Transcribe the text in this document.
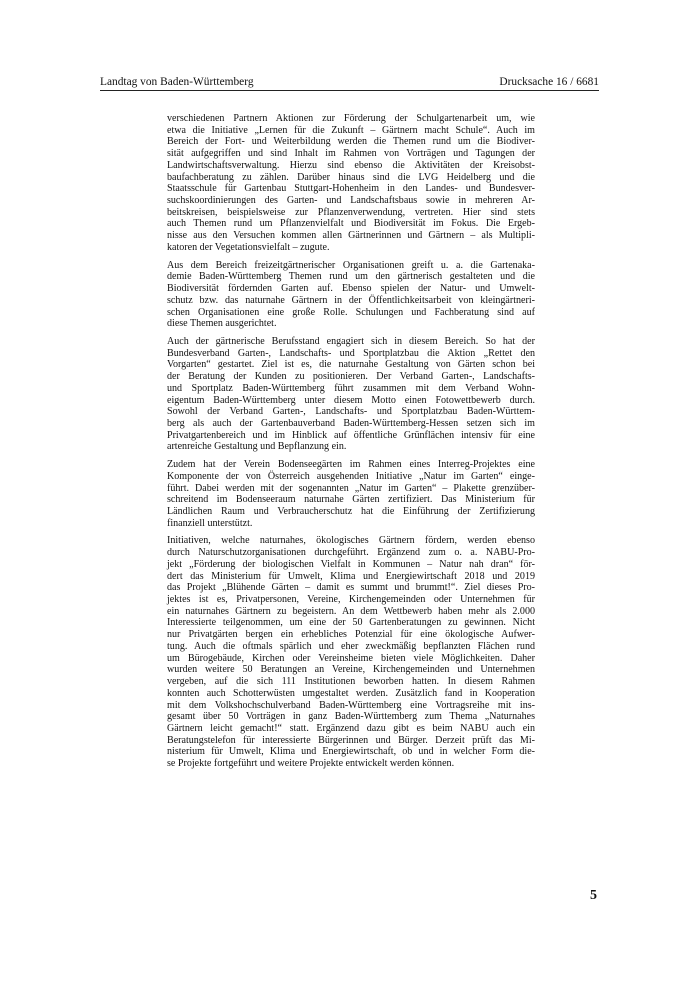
Landtag von Baden-Württemberg	Drucksache 16 / 6681
verschiedenen Partnern Aktionen zur Förderung der Schulgartenarbeit um, wie
etwa die Initiative „Lernen für die Zukunft – Gärtnern macht Schule“. Auch im
Bereich der Fort- und Weiterbildung werden die Themen rund um die Biodiver-
sität aufgegriffen und sind Inhalt im Rahmen von Vorträgen und Tagungen der
Landwirtschaftsverwaltung. Hierzu sind ebenso die Aktivitäten der Kreisobst-
baufachberatung zu zählen. Darüber hinaus sind die LVG Heidelberg und die
Staatsschule für Gartenbau Stuttgart-Hohenheim in den Landes- und Bundesver-
suchskoordinierungen des Garten- und Landschaftsbaus sowie in mehreren Ar-
beitskreisen, beispielsweise zur Pflanzenverwendung, vertreten. Hier sind stets
auch Themen rund um Pflanzenvielfalt und Biodiversität im Fokus. Die Ergeb-
nisse aus den Versuchen kommen allen Gärtnerinnen und Gärtnern – als Multipli-
katoren der Vegetationsvielfalt – zugute.
Aus dem Bereich freizeitgärtnerischer Organisationen greift u. a. die Gartenaka-
demie Baden-Württemberg Themen rund um den gärtnerisch gestalteten und die
Biodiversität fördernden Garten auf. Ebenso spielen der Natur- und Umwelt-
schutz bzw. das naturnahe Gärtnern in der Öffentlichkeitsarbeit von kleingärtneri-
schen Organisationen eine große Rolle. Schulungen und Fachberatung sind auf
diese Themen ausgerichtet.
Auch der gärtnerische Berufsstand engagiert sich in diesem Bereich. So hat der
Bundesverband Garten-, Landschafts- und Sportplatzbau die Aktion „Rettet den
Vorgarten“ gestartet. Ziel ist es, die naturnahe Gestaltung von Gärten schon bei
der Beratung der Kunden zu positionieren. Der Verband Garten-, Landschafts-
und Sportplatz Baden-Württemberg führt zusammen mit dem Verband Wohn-
eigentum Baden-Württemberg unter diesem Motto einen Fotowettbewerb durch.
Sowohl der Verband Garten-, Landschafts- und Sportplatzbau Baden-Württem-
berg als auch der Gartenbauverband Baden-Württemberg-Hessen setzen sich im
Privatgartenbereich und im Hinblick auf öffentliche Grünflächen intensiv für eine
artenreiche Gestaltung und Bepflanzung ein.
Zudem hat der Verein Bodenseegärten im Rahmen eines Interreg-Projektes eine
Komponente der von Österreich ausgehenden Initiative „Natur im Garten“ einge-
führt. Dabei werden mit der sogenannten „Natur im Garten“ – Plakette grenzüber-
schreitend im Bodenseeraum naturnahe Gärten zertifiziert. Das Ministerium für
Ländlichen Raum und Verbraucherschutz hat die Einführung der Zertifizierung
finanziell unterstützt.
Initiativen, welche naturnahes, ökologisches Gärtnern fördern, werden ebenso
durch Naturschutzorganisationen durchgeführt. Ergänzend zum o. a. NABU-Pro-
jekt „Förderung der biologischen Vielfalt in Kommunen – Natur nah dran“ för-
dert das Ministerium für Umwelt, Klima und Energiewirtschaft 2018 und 2019
das Projekt „Blühende Gärten – damit es summt und brummt!“. Ziel dieses Pro-
jektes ist es, Privatpersonen, Vereine, Kirchengemeinden oder Unternehmen für
ein naturnahes Gärtnern zu begeistern. An dem Wettbewerb haben mehr als 2.000
Interessierte teilgenommen, um eine der 50 Gartenberatungen zu gewinnen. Nicht
nur Privatgärten bergen ein erhebliches Potenzial für eine ökologische Aufwer-
tung. Auch die oftmals spärlich und eher zweckmäßig bepflanzten Flächen rund
um Bürogebäude, Kirchen oder Vereinsheime bieten viele Möglichkeiten. Daher
wurden weitere 50 Beratungen an Vereine, Kirchengemeinden und Unternehmen
vergeben, auf die sich 111 Institutionen beworben hatten. In diesem Rahmen
konnten auch Schotterwüsten umgestaltet werden. Zusätzlich fand in Kooperation
mit dem Volkshochschulverband Baden-Württemberg eine Vortragsreihe mit ins-
gesamt über 50 Vorträgen in ganz Baden-Württemberg zum Thema „Naturnahes
Gärtnern leicht gemacht!“ statt. Ergänzend dazu gibt es beim NABU auch ein
Beratungstelefon für interessierte Bürgerinnen und Bürger. Derzeit prüft das Mi-
nisterium für Umwelt, Klima und Energiewirtschaft, ob und in welcher Form die-
se Projekte fortgeführt und weitere Projekte entwickelt werden können.
5
